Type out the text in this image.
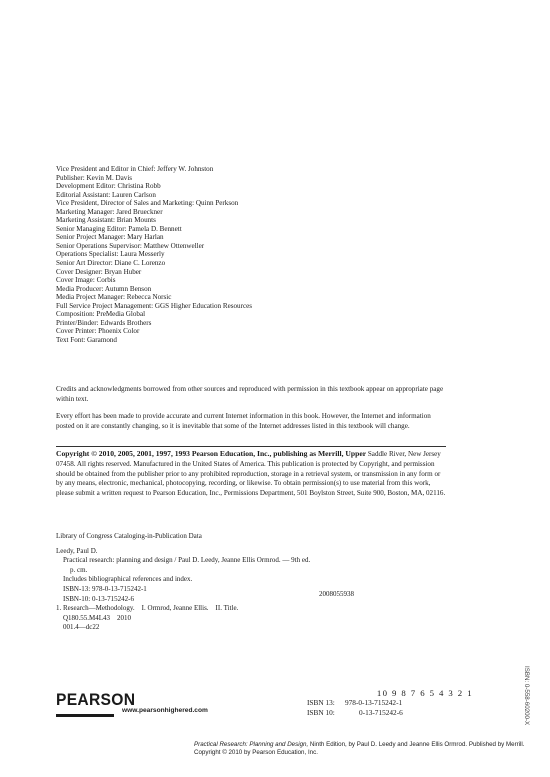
Vice President and Editor in Chief: Jeffery W. Johnston
Publisher: Kevin M. Davis
Development Editor: Christina Robb
Editorial Assistant: Lauren Carlson
Vice President, Director of Sales and Marketing: Quinn Perkson
Marketing Manager: Jared Brueckner
Marketing Assistant: Brian Mounts
Senior Managing Editor: Pamela D. Bennett
Senior Project Manager: Mary Harlan
Senior Operations Supervisor: Matthew Ottenweller
Operations Specialist: Laura Messerly
Senior Art Director: Diane C. Lorenzo
Cover Designer: Bryan Huber
Cover Image: Corbis
Media Producer: Autumn Benson
Media Project Manager: Rebecca Norsic
Full Service Project Management: GGS Higher Education Resources
Composition: PreMedia Global
Printer/Binder: Edwards Brothers
Cover Printer: Phoenix Color
Text Font: Garamond
Credits and acknowledgments borrowed from other sources and reproduced with permission in this textbook appear on appropriate page within text.
Every effort has been made to provide accurate and current Internet information in this book. However, the Internet and information posted on it are constantly changing, so it is inevitable that some of the Internet addresses listed in this textbook will change.
Copyright © 2010, 2005, 2001, 1997, 1993 Pearson Education, Inc., publishing as Merrill, Upper Saddle River, New Jersey 07458. All rights reserved. Manufactured in the United States of America. This publication is protected by Copyright, and permission should be obtained from the publisher prior to any prohibited reproduction, storage in a retrieval system, or transmission in any form or by any means, electronic, mechanical, photocopying, recording, or likewise. To obtain permission(s) to use material from this work, please submit a written request to Pearson Education, Inc., Permissions Department, 501 Boylston Street, Suite 900, Boston, MA, 02116.
Library of Congress Cataloging-in-Publication Data
Leedy, Paul D.
Practical research: planning and design / Paul D. Leedy, Jeanne Ellis Ormrod. — 9th ed.
p. cm.
Includes bibliographical references and index.
ISBN-13: 978-0-13-715242-1
ISBN-10: 0-13-715242-6
1. Research—Methodology.    I. Ormrod, Jeanne Ellis.    II. Title.
Q180.55.M4L43    2010
001.4—dc22
2008055938
PEARSON
www.pearsonhighered.com
10 9 8 7 6 5 4 3 2 1
ISBN 13: 978-0-13-715242-1
ISBN 10:	0-13-715242-6	ISBN: 0-558-60200-X
Practical Research: Planning and Design, Ninth Edition, by Paul D. Leedy and Jeanne Ellis Ormrod. Published by Merrill.
Copyright © 2010 by Pearson Education, Inc.
